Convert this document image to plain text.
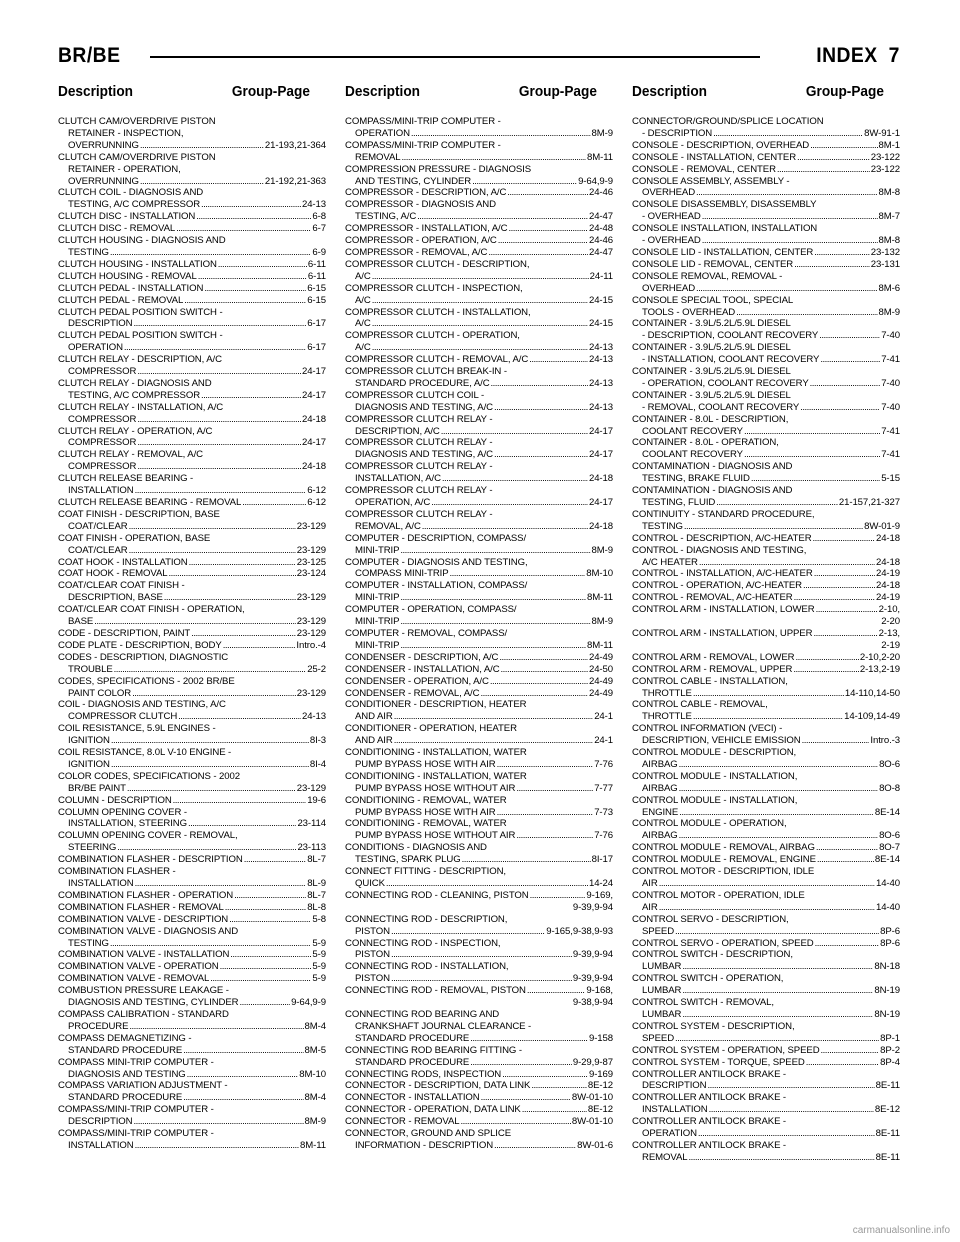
BR/BE	INDEX 7
Description	Group-Page
CLUTCH CAM/OVERDRIVE PISTON
RETAINER - INSPECTION,
OVERRUNNING . . .	21-193,21-364
CLUTCH CAM/OVERDRIVE PISTON
RETAINER - OPERATION,
OVERRUNNING . . .	21-192,21-363
CLUTCH COIL - DIAGNOSIS AND
TESTING, A/C COMPRESSOR . . .	24-13
CLUTCH DISC - INSTALLATION . . .	6-8
CLUTCH DISC - REMOVAL . . .	6-7
CLUTCH HOUSING - DIAGNOSIS AND
TESTING . . .	6-9
CLUTCH HOUSING - INSTALLATION . . .	6-11
CLUTCH HOUSING - REMOVAL . . .	6-11
CLUTCH PEDAL - INSTALLATION . . .	6-15
CLUTCH PEDAL - REMOVAL . . .	6-15
CLUTCH PEDAL POSITION SWITCH -
DESCRIPTION . . .	6-17
CLUTCH PEDAL POSITION SWITCH -
OPERATION . . .	6-17
CLUTCH RELAY - DESCRIPTION, A/C
COMPRESSOR . . .	24-17
CLUTCH RELAY - DIAGNOSIS AND
TESTING, A/C COMPRESSOR . . .	24-17
CLUTCH RELAY - INSTALLATION, A/C
COMPRESSOR . . .	24-18
CLUTCH RELAY - OPERATION, A/C
COMPRESSOR . . .	24-17
CLUTCH RELAY - REMOVAL, A/C
COMPRESSOR . . .	24-18
CLUTCH RELEASE BEARING -
INSTALLATION . . .	6-12
CLUTCH RELEASE BEARING - REMOVAL . . .	6-12
COAT FINISH - DESCRIPTION, BASE
COAT/CLEAR . . .	23-129
COAT FINISH - OPERATION, BASE
COAT/CLEAR . . .	23-129
COAT HOOK - INSTALLATION . . .	23-125
COAT HOOK - REMOVAL . . .	23-124
COAT/CLEAR COAT FINISH -
DESCRIPTION, BASE . . .	23-129
COAT/CLEAR COAT FINISH - OPERATION,
BASE . . .	23-129
CODE - DESCRIPTION, PAINT . . .	23-129
CODE PLATE - DESCRIPTION, BODY . . .	Intro.-4
CODES - DESCRIPTION, DIAGNOSTIC
TROUBLE . . .	25-2
CODES, SPECIFICATIONS - 2002 BR/BE
PAINT COLOR . . .	23-129
COIL - DIAGNOSIS AND TESTING, A/C
COMPRESSOR CLUTCH . . .	24-13
COIL RESISTANCE, 5.9L ENGINES -
IGNITION . . .	8I-3
COIL RESISTANCE, 8.0L V-10 ENGINE -
IGNITION . . .	8I-4
COLOR CODES, SPECIFICATIONS - 2002
BR/BE PAINT . . .	23-129
COLUMN - DESCRIPTION . . .	19-6
COLUMN OPENING COVER -
INSTALLATION, STEERING . . .	23-114
COLUMN OPENING COVER - REMOVAL,
STEERING . . .	23-113
COMBINATION FLASHER - DESCRIPTION . . .	8L-7
COMBINATION FLASHER -
INSTALLATION . . .	8L-9
COMBINATION FLASHER - OPERATION . . .	8L-7
COMBINATION FLASHER - REMOVAL . . .	8L-8
COMBINATION VALVE - DESCRIPTION . . .	5-8
COMBINATION VALVE - DIAGNOSIS AND
TESTING . . .	5-9
COMBINATION VALVE - INSTALLATION . . .	5-9
COMBINATION VALVE - OPERATION . . .	5-9
COMBINATION VALVE - REMOVAL . . .	5-9
COMBUSTION PRESSURE LEAKAGE -
DIAGNOSIS AND TESTING, CYLINDER . . .	9-64,9-9
COMPASS CALIBRATION - STANDARD
PROCEDURE . . .	8M-4
COMPASS DEMAGNETIZING -
STANDARD PROCEDURE . . .	8M-5
COMPASS MINI-TRIP COMPUTER -
DIAGNOSIS AND TESTING . . .	8M-10
COMPASS VARIATION ADJUSTMENT -
STANDARD PROCEDURE . . .	8M-4
COMPASS/MINI-TRIP COMPUTER -
DESCRIPTION . . .	8M-9
COMPASS/MINI-TRIP COMPUTER -
INSTALLATION . . .	8M-11
Description	Group-Page
COMPASS/MINI-TRIP COMPUTER -
OPERATION . . .	8M-9
COMPASS/MINI-TRIP COMPUTER -
REMOVAL . . .	8M-11
COMPRESSION PRESSURE - DIAGNOSIS
AND TESTING, CYLINDER . . .	9-64,9-9
COMPRESSOR - DESCRIPTION, A/C . . .	24-46
COMPRESSOR - DIAGNOSIS AND
TESTING, A/C . . .	24-47
COMPRESSOR - INSTALLATION, A/C . . .	24-48
COMPRESSOR - OPERATION, A/C . . .	24-46
COMPRESSOR - REMOVAL, A/C . . .	24-47
COMPRESSOR CLUTCH - DESCRIPTION,
A/C . . .	24-11
COMPRESSOR CLUTCH - INSPECTION,
A/C . . .	24-15
COMPRESSOR CLUTCH - INSTALLATION,
A/C . . .	24-15
COMPRESSOR CLUTCH - OPERATION,
A/C . . .	24-13
COMPRESSOR CLUTCH - REMOVAL, A/C . . .	24-13
COMPRESSOR CLUTCH BREAK-IN -
STANDARD PROCEDURE, A/C . . .	24-13
COMPRESSOR CLUTCH COIL -
DIAGNOSIS AND TESTING, A/C . . .	24-13
COMPRESSOR CLUTCH RELAY -
DESCRIPTION, A/C . . .	24-17
COMPRESSOR CLUTCH RELAY -
DIAGNOSIS AND TESTING, A/C . . .	24-17
COMPRESSOR CLUTCH RELAY -
INSTALLATION, A/C . . .	24-18
COMPRESSOR CLUTCH RELAY -
OPERATION, A/C . . .	24-17
COMPRESSOR CLUTCH RELAY -
REMOVAL, A/C . . .	24-18
COMPUTER - DESCRIPTION, COMPASS/
MINI-TRIP . . .	8M-9
COMPUTER - DIAGNOSIS AND TESTING,
COMPASS MINI-TRIP . . .	8M-10
COMPUTER - INSTALLATION, COMPASS/
MINI-TRIP . . .	8M-11
COMPUTER - OPERATION, COMPASS/
MINI-TRIP . . .	8M-9
COMPUTER - REMOVAL, COMPASS/
MINI-TRIP . . .	8M-11
CONDENSER - DESCRIPTION, A/C . . .	24-49
CONDENSER - INSTALLATION, A/C . . .	24-50
CONDENSER - OPERATION, A/C . . .	24-49
CONDENSER - REMOVAL, A/C . . .	24-49
CONDITIONER - DESCRIPTION, HEATER
AND AIR . . .	24-1
CONDITIONER - OPERATION, HEATER
AND AIR . . .	24-1
CONDITIONING - INSTALLATION, WATER
PUMP BYPASS HOSE WITH AIR . . .	7-76
CONDITIONING - INSTALLATION, WATER
PUMP BYPASS HOSE WITHOUT AIR . . .	7-77
CONDITIONING - REMOVAL, WATER
PUMP BYPASS HOSE WITH AIR . . .	7-73
CONDITIONING - REMOVAL, WATER
PUMP BYPASS HOSE WITHOUT AIR . . .	7-76
CONDITIONS - DIAGNOSIS AND
TESTING, SPARK PLUG . . .	8I-17
CONNECT FITTING - DESCRIPTION,
QUICK . . .	14-24
CONNECTING ROD - CLEANING, PISTON . . .	9-169,
9-39,9-94
CONNECTING ROD - DESCRIPTION,
PISTON . . .	9-165,9-38,9-93
CONNECTING ROD - INSPECTION,
PISTON . . .	9-39,9-94
CONNECTING ROD - INSTALLATION,
PISTON . . .	9-39,9-94
CONNECTING ROD - REMOVAL, PISTON . . .	9-168,
9-38,9-94
CONNECTING ROD BEARING AND
CRANKSHAFT JOURNAL CLEARANCE -
STANDARD PROCEDURE . . .	9-158
CONNECTING ROD BEARING FITTING -
STANDARD PROCEDURE . . .	9-29,9-87
CONNECTING RODS, INSPECTION . . .	9-169
CONNECTOR - DESCRIPTION, DATA LINK . . .	8E-12
CONNECTOR - INSTALLATION . . .	8W-01-10
CONNECTOR - OPERATION, DATA LINK . . .	8E-12
CONNECTOR - REMOVAL . . .	8W-01-10
CONNECTOR, GROUND AND SPLICE
INFORMATION - DESCRIPTION . . .	8W-01-6
Description	Group-Page
CONNECTOR/GROUND/SPLICE LOCATION
- DESCRIPTION . . .	8W-91-1
CONSOLE - DESCRIPTION, OVERHEAD . . .	8M-1
CONSOLE - INSTALLATION, CENTER . . .	23-122
CONSOLE - REMOVAL, CENTER . . .	23-122
CONSOLE ASSEMBLY, ASSEMBLY -
OVERHEAD . . .	8M-8
CONSOLE DISASSEMBLY, DISASSEMBLY
- OVERHEAD . . .	8M-7
CONSOLE INSTALLATION, INSTALLATION
- OVERHEAD . . .	8M-8
CONSOLE LID - INSTALLATION, CENTER . . .	23-132
CONSOLE LID - REMOVAL, CENTER . . .	23-131
CONSOLE REMOVAL, REMOVAL -
OVERHEAD . . .	8M-6
CONSOLE SPECIAL TOOL, SPECIAL
TOOLS - OVERHEAD . . .	8M-9
CONTAINER - 3.9L/5.2L/5.9L DIESEL
- DESCRIPTION, COOLANT RECOVERY . . .	7-40
CONTAINER - 3.9L/5.2L/5.9L DIESEL
- INSTALLATION, COOLANT RECOVERY . . .	7-41
CONTAINER - 3.9L/5.2L/5.9L DIESEL
- OPERATION, COOLANT RECOVERY . . .	7-40
CONTAINER - 3.9L/5.2L/5.9L DIESEL
- REMOVAL, COOLANT RECOVERY . . .	7-40
CONTAINER - 8.0L - DESCRIPTION,
COOLANT RECOVERY . . .	7-41
CONTAINER - 8.0L - OPERATION,
COOLANT RECOVERY . . .	7-41
CONTAMINATION - DIAGNOSIS AND
TESTING, BRAKE FLUID . . .	5-15
CONTAMINATION - DIAGNOSIS AND
TESTING, FLUID . . .	21-157,21-327
CONTINUITY - STANDARD PROCEDURE,
TESTING . . .	8W-01-9
CONTROL - DESCRIPTION, A/C-HEATER . . .	24-18
CONTROL - DIAGNOSIS AND TESTING,
A/C HEATER . . .	24-18
CONTROL - INSTALLATION, A/C-HEATER . . .	24-19
CONTROL - OPERATION, A/C-HEATER . . .	24-18
CONTROL - REMOVAL, A/C-HEATER . . .	24-19
CONTROL ARM - INSTALLATION, LOWER . . .	2-10,
2-20
CONTROL ARM - INSTALLATION, UPPER . . .	2-13,
2-19
CONTROL ARM - REMOVAL, LOWER . . .	2-10,2-20
CONTROL ARM - REMOVAL, UPPER . . .	2-13,2-19
CONTROL CABLE - INSTALLATION,
THROTTLE . . .	14-110,14-50
CONTROL CABLE - REMOVAL,
THROTTLE . . .	14-109,14-49
CONTROL INFORMATION (VECI) -
DESCRIPTION, VEHICLE EMISSION . . .	Intro.-3
CONTROL MODULE - DESCRIPTION,
AIRBAG . . .	8O-6
CONTROL MODULE - INSTALLATION,
AIRBAG . . .	8O-8
CONTROL MODULE - INSTALLATION,
ENGINE . . .	8E-14
CONTROL MODULE - OPERATION,
AIRBAG . . .	8O-6
CONTROL MODULE - REMOVAL, AIRBAG . . .	8O-7
CONTROL MODULE - REMOVAL, ENGINE . . .	8E-14
CONTROL MOTOR - DESCRIPTION, IDLE
AIR . . .	14-40
CONTROL MOTOR - OPERATION, IDLE
AIR . . .	14-40
CONTROL SERVO - DESCRIPTION,
SPEED . . .	8P-6
CONTROL SERVO - OPERATION, SPEED . . .	8P-6
CONTROL SWITCH - DESCRIPTION,
LUMBAR . . .	8N-18
CONTROL SWITCH - OPERATION,
LUMBAR . . .	8N-19
CONTROL SWITCH - REMOVAL,
LUMBAR . . .	8N-19
CONTROL SYSTEM - DESCRIPTION,
SPEED . . .	8P-1
CONTROL SYSTEM - OPERATION, SPEED . . .	8P-2
CONTROL SYSTEM - TORQUE, SPEED . . .	8P-4
CONTROLLER ANTILOCK BRAKE -
DESCRIPTION . . .	8E-11
CONTROLLER ANTILOCK BRAKE -
INSTALLATION . . .	8E-12
CONTROLLER ANTILOCK BRAKE -
OPERATION . . .	8E-11
CONTROLLER ANTILOCK BRAKE -
REMOVAL . . .	8E-11
carmanualsonline.info
